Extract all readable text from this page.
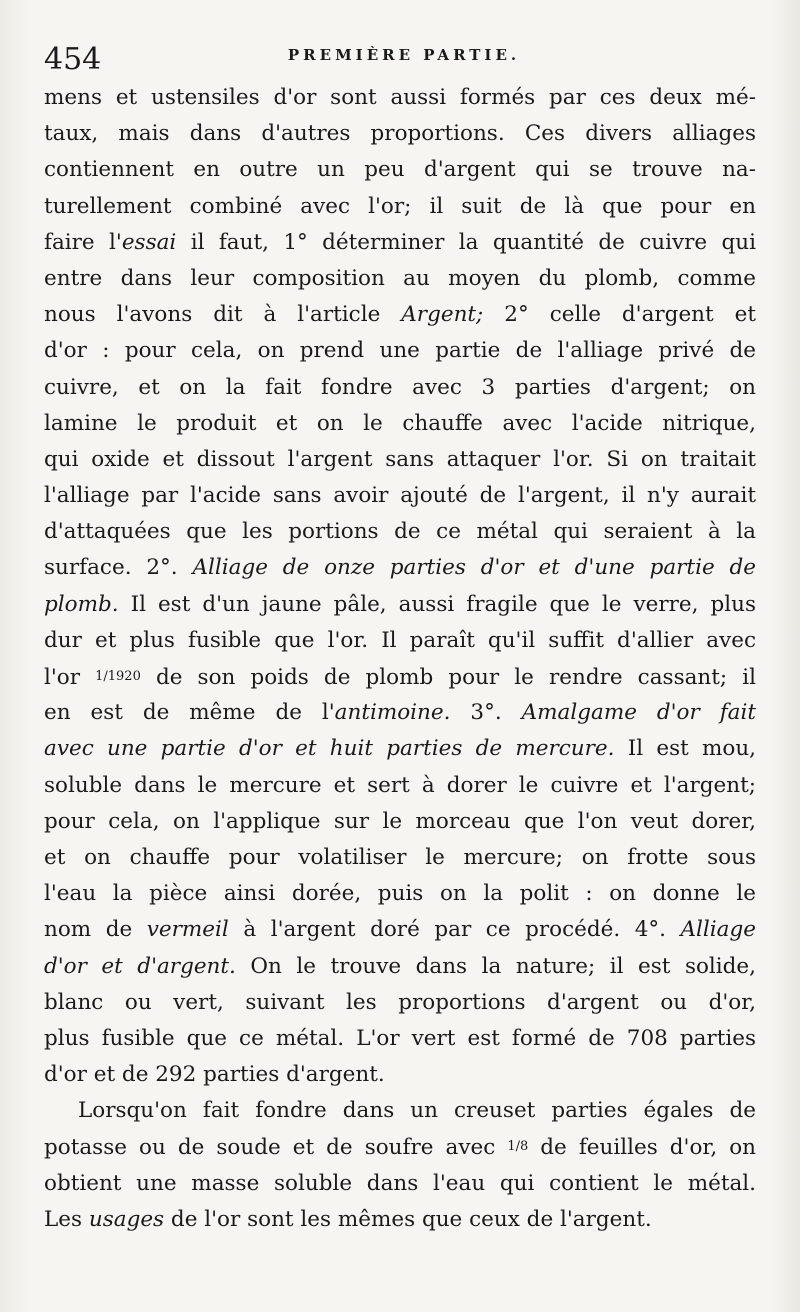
454	PREMIÈRE PARTIE.
mens et ustensiles d'or sont aussi formés par ces deux mé-
taux, mais dans d'autres proportions. Ces divers alliages
contiennent en outre un peu d'argent qui se trouve na-
turellement combiné avec l'or; il suit de là que pour en
faire l'essai il faut, 1° déterminer la quantité de cuivre qui
entre dans leur composition au moyen du plomb, comme
nous l'avons dit à l'article Argent; 2° celle d'argent et
d'or : pour cela, on prend une partie de l'alliage privé de
cuivre, et on la fait fondre avec 3 parties d'argent; on
lamine le produit et on le chauffe avec l'acide nitrique,
qui oxide et dissout l'argent sans attaquer l'or. Si on traitait
l'alliage par l'acide sans avoir ajouté de l'argent, il n'y aurait
d'attaquées que les portions de ce métal qui seraient à la
surface. 2°. Alliage de onze parties d'or et d'une partie de
plomb. Il est d'un jaune pâle, aussi fragile que le verre, plus
dur et plus fusible que l'or. Il paraît qu'il suffit d'allier avec
l'or 1/1920 de son poids de plomb pour le rendre cassant; il
en est de même de l'antimoine. 3°. Amalgame d'or fait
avec une partie d'or et huit parties de mercure. Il est mou,
soluble dans le mercure et sert à dorer le cuivre et l'argent;
pour cela, on l'applique sur le morceau que l'on veut dorer,
et on chauffe pour volatiliser le mercure; on frotte sous
l'eau la pièce ainsi dorée, puis on la polit : on donne le
nom de vermeil à l'argent doré par ce procédé. 4°. Alliage
d'or et d'argent. On le trouve dans la nature; il est solide,
blanc ou vert, suivant les proportions d'argent ou d'or,
plus fusible que ce métal. L'or vert est formé de 708 parties
d'or et de 292 parties d'argent.
Lorsqu'on fait fondre dans un creuset parties égales de
potasse ou de soude et de soufre avec 1/8 de feuilles d'or, on
obtient une masse soluble dans l'eau qui contient le métal.
Les usages de l'or sont les mêmes que ceux de l'argent.
